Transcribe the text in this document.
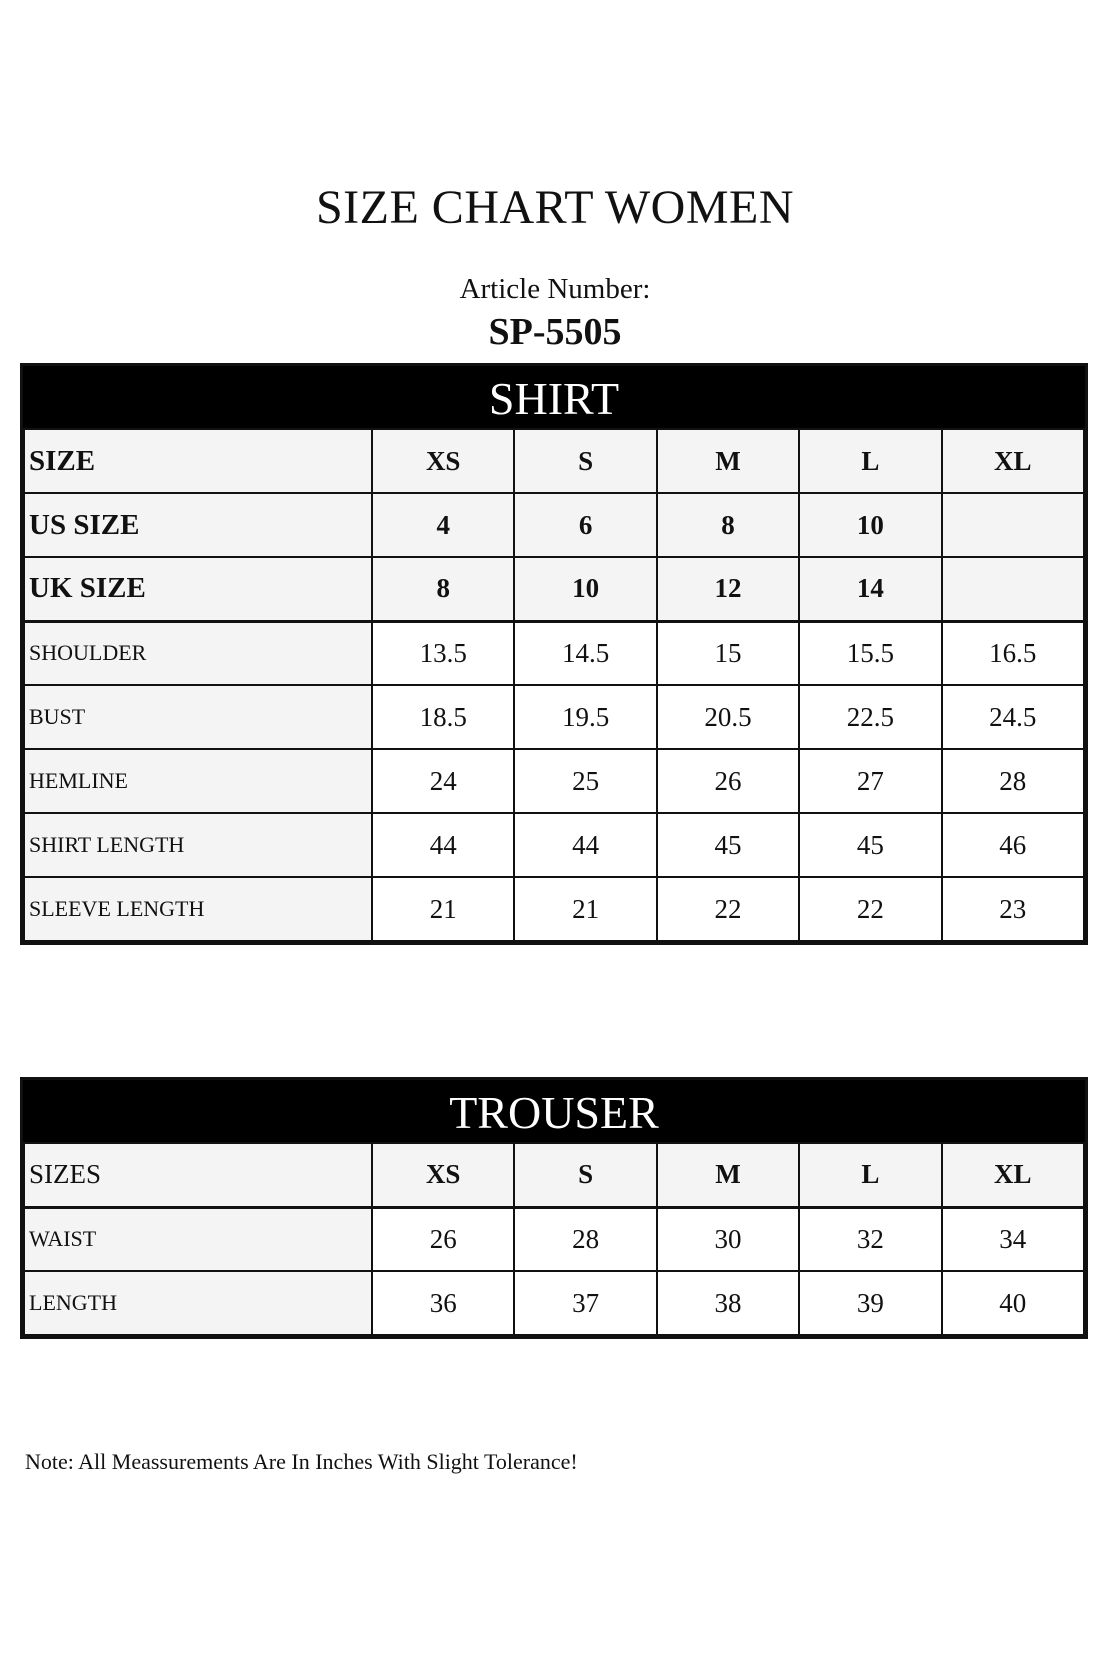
SIZE CHART WOMEN
Article Number:
SP-5505
SHIRT
SIZE	XS	S	M	L	XL
US SIZE	4	6	8	10	
UK SIZE	8	10	12	14	
SHOULDER	13.5	14.5	15	15.5	16.5
BUST	18.5	19.5	20.5	22.5	24.5
HEMLINE	24	25	26	27	28
SHIRT LENGTH	44	44	45	45	46
SLEEVE LENGTH	21	21	22	22	23
TROUSER
SIZES	XS	S	M	L	XL
WAIST	26	28	30	32	34
LENGTH	36	37	38	39	40
Note: All Meassurements Are In Inches With Slight Tolerance!
